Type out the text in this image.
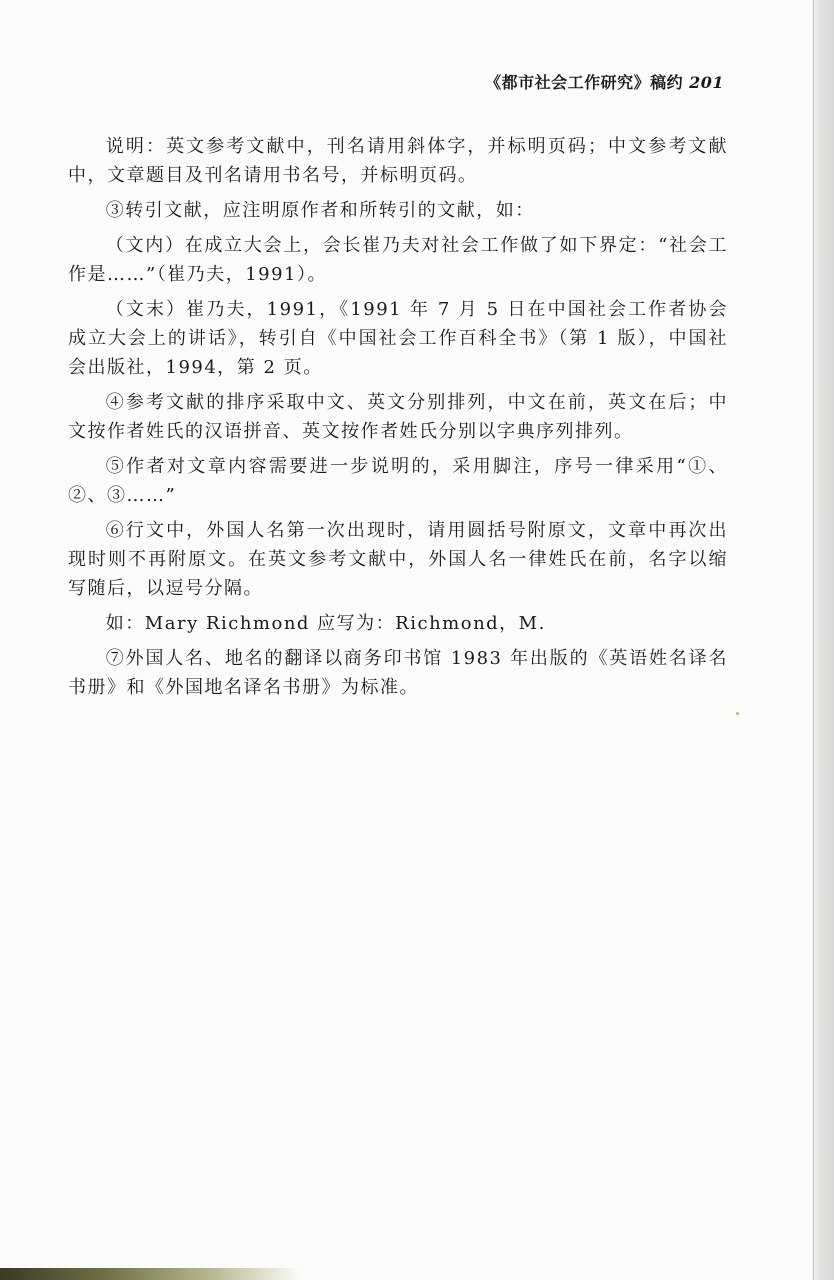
《都市社会工作研究》稿约 201

说明：英文参考文献中，刊名请用斜体字，并标明页码；中文参考文献中，文章题目及刊名请用书名号，并标明页码。

③转引文献，应注明原作者和所转引的文献，如：

（文内）在成立大会上，会长崔乃夫对社会工作做了如下界定：“社会工作是……”（崔乃夫，1991）。

（文末）崔乃夫，1991，《1991 年 7 月 5 日在中国社会工作者协会成立大会上的讲话》，转引自《中国社会工作百科全书》（第 1 版），中国社会出版社，1994，第 2 页。

④参考文献的排序采取中文、英文分别排列，中文在前，英文在后；中文按作者姓氏的汉语拼音、英文按作者姓氏分别以字典序列排列。

⑤作者对文章内容需要进一步说明的，采用脚注，序号一律采用“①、②、③……”

⑥行文中，外国人名第一次出现时，请用圆括号附原文，文章中再次出现时则不再附原文。在英文参考文献中，外国人名一律姓氏在前，名字以缩写随后，以逗号分隔。

如：Mary Richmond 应写为：Richmond，M.

⑦外国人名、地名的翻译以商务印书馆 1983 年出版的《英语姓名译名书册》和《外国地名译名书册》为标准。
